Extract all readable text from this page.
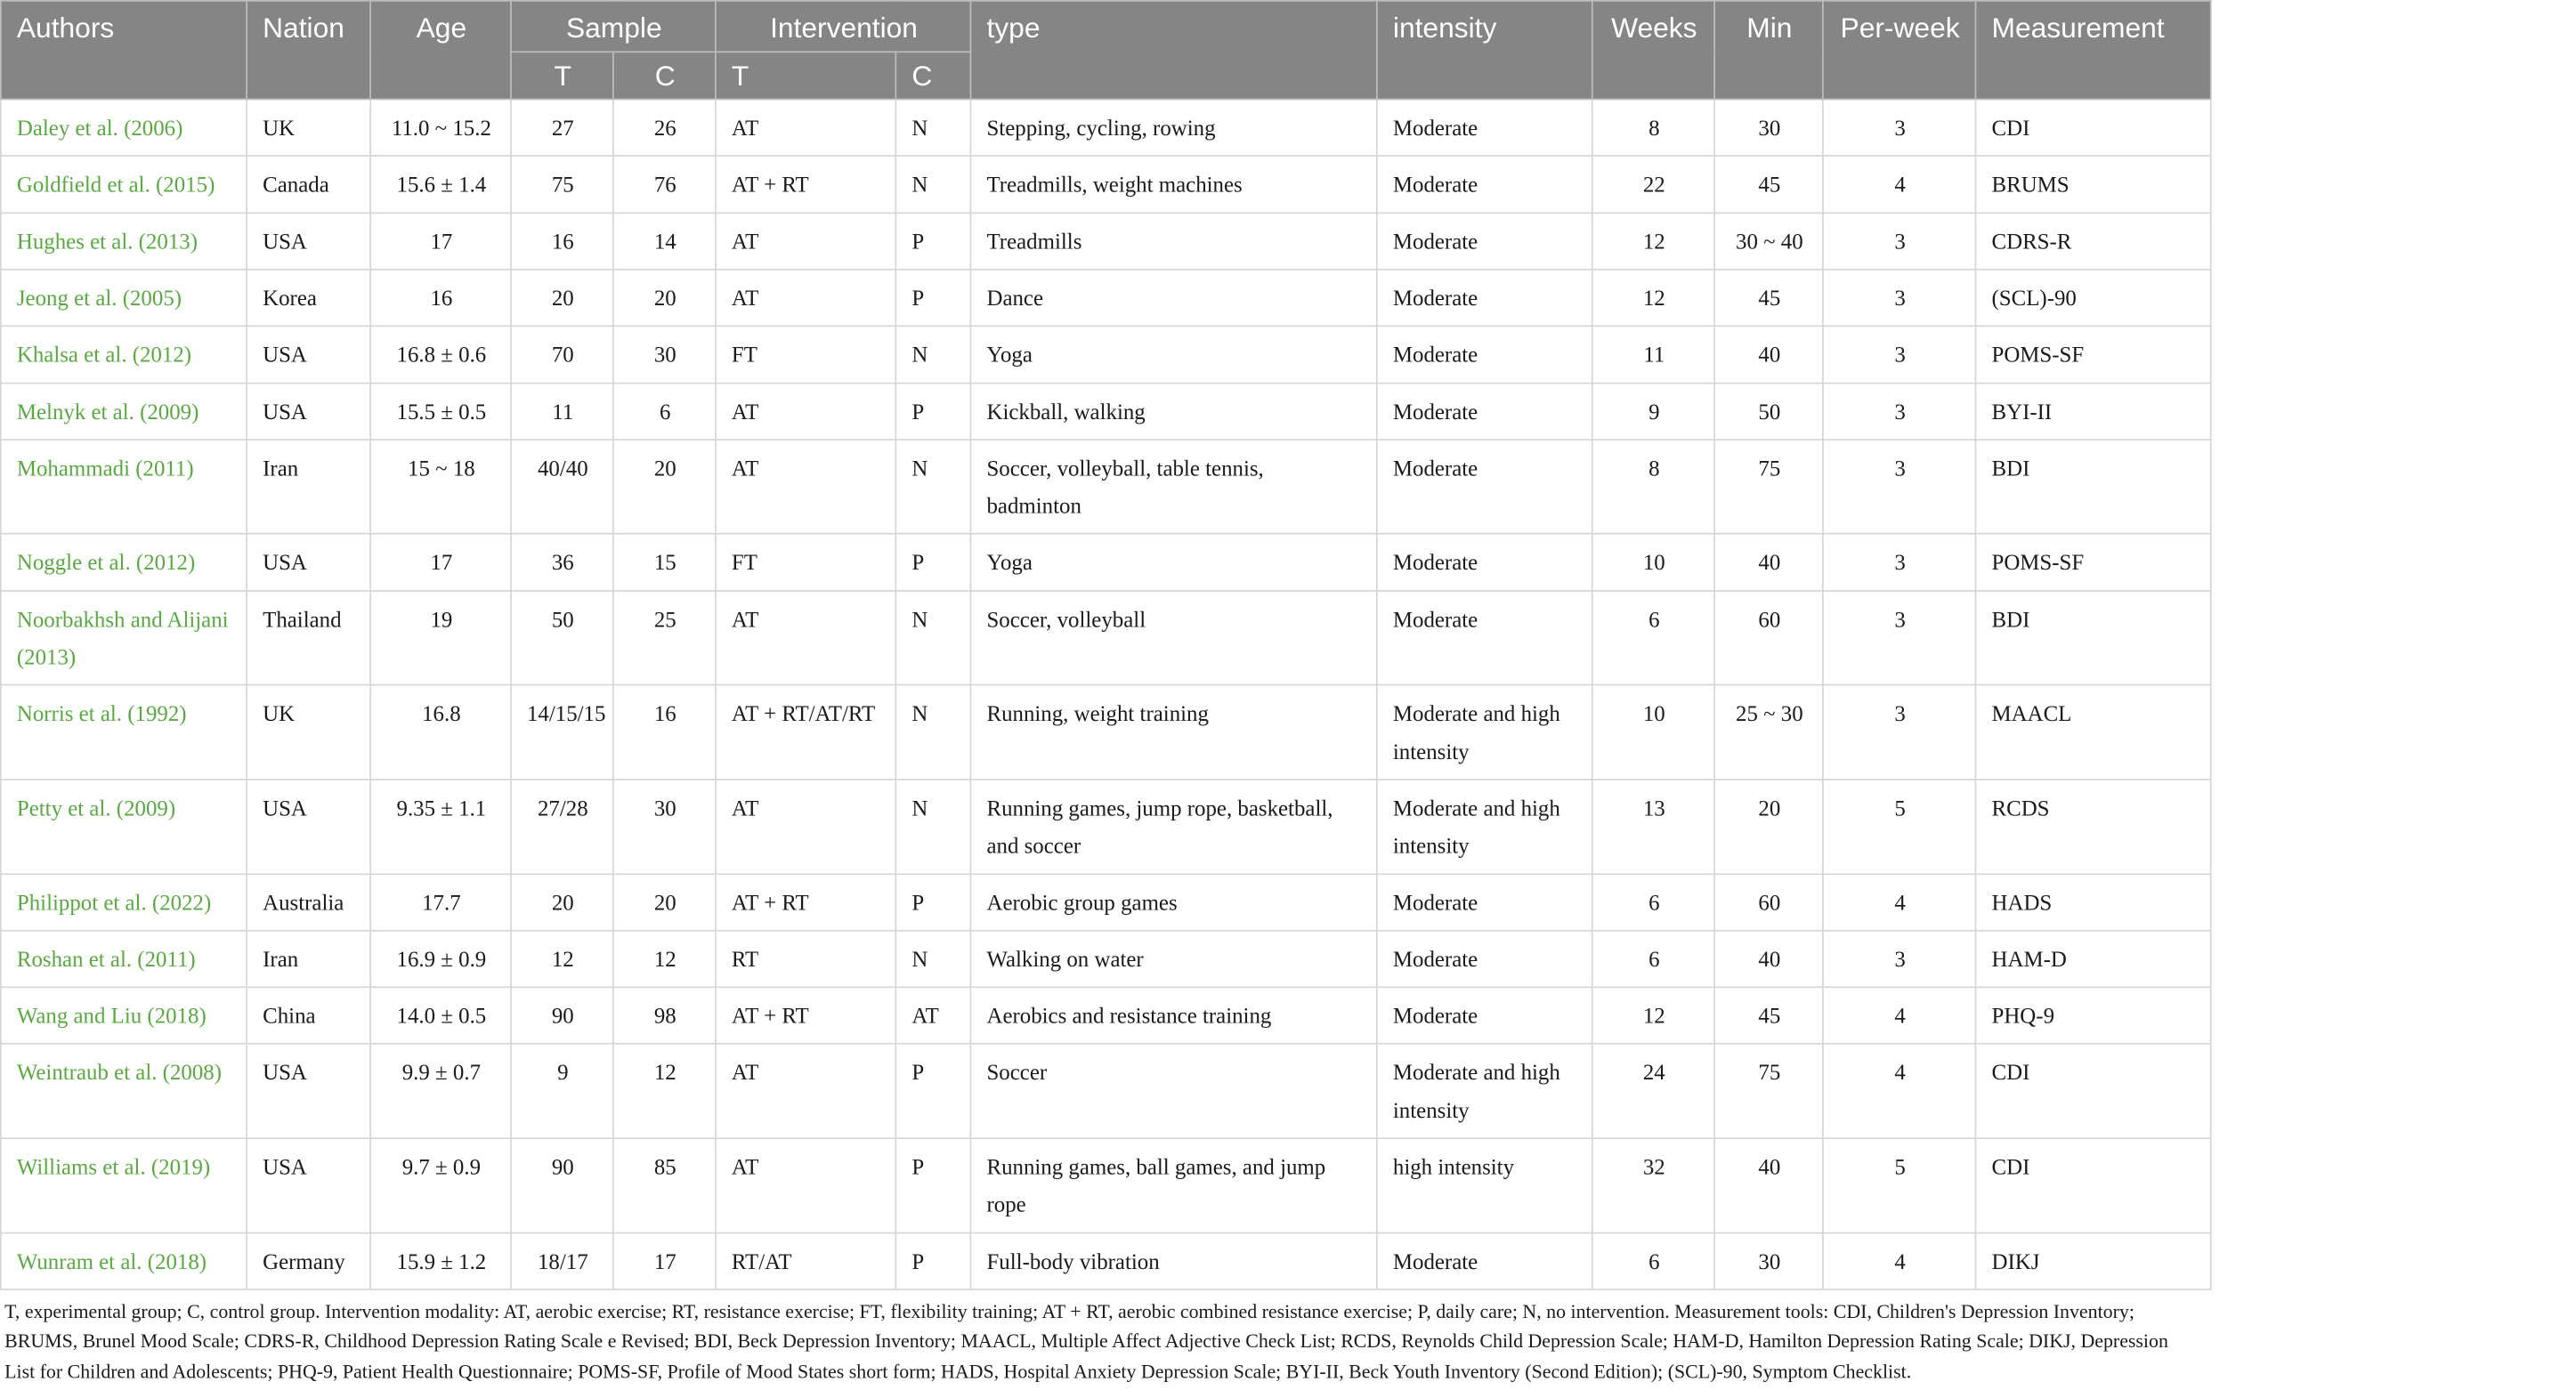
Authors	Nation	Age	Sample		Intervention		type	intensity	Weeks	Min	Per-week	Measurement
			T	C	T	C						
Daley et al. (2006)	UK	11.0 ~ 15.2	27	26	AT	N	Stepping, cycling, rowing	Moderate	8	30	3	CDI
Goldfield et al. (2015)	Canada	15.6 ± 1.4	75	76	AT + RT	N	Treadmills, weight machines	Moderate	22	45	4	BRUMS
Hughes et al. (2013)	USA	17	16	14	AT	P	Treadmills	Moderate	12	30 ~ 40	3	CDRS-R
Jeong et al. (2005)	Korea	16	20	20	AT	P	Dance	Moderate	12	45	3	(SCL)-90
Khalsa et al. (2012)	USA	16.8 ± 0.6	70	30	FT	N	Yoga	Moderate	11	40	3	POMS-SF
Melnyk et al. (2009)	USA	15.5 ± 0.5	11	6	AT	P	Kickball, walking	Moderate	9	50	3	BYI-II
Mohammadi (2011)	Iran	15 ~ 18	40/40	20	AT	N	Soccer, volleyball, table tennis, badminton	Moderate	8	75	3	BDI
Noggle et al. (2012)	USA	17	36	15	FT	P	Yoga	Moderate	10	40	3	POMS-SF
Noorbakhsh and Alijani (2013)	Thailand	19	50	25	AT	N	Soccer, volleyball	Moderate	6	60	3	BDI
Norris et al. (1992)	UK	16.8	14/15/15	16	AT + RT/AT/RT	N	Running, weight training	Moderate and high intensity	10	25 ~ 30	3	MAACL
Petty et al. (2009)	USA	9.35 ± 1.1	27/28	30	AT	N	Running games, jump rope, basketball, and soccer	Moderate and high intensity	13	20	5	RCDS
Philippot et al. (2022)	Australia	17.7	20	20	AT + RT	P	Aerobic group games	Moderate	6	60	4	HADS
Roshan et al. (2011)	Iran	16.9 ± 0.9	12	12	RT	N	Walking on water	Moderate	6	40	3	HAM-D
Wang and Liu (2018)	China	14.0 ± 0.5	90	98	AT + RT	AT	Aerobics and resistance training	Moderate	12	45	4	PHQ-9
Weintraub et al. (2008)	USA	9.9 ± 0.7	9	12	AT	P	Soccer	Moderate and high intensity	24	75	4	CDI
Williams et al. (2019)	USA	9.7 ± 0.9	90	85	AT	P	Running games, ball games, and jump rope	high intensity	32	40	5	CDI
Wunram et al. (2018)	Germany	15.9 ± 1.2	18/17	17	RT/AT	P	Full-body vibration	Moderate	6	30	4	DIKJ

T, experimental group; C, control group. Intervention modality: AT, aerobic exercise; RT, resistance exercise; FT, flexibility training; AT + RT, aerobic combined resistance exercise; P, daily care; N, no intervention. Measurement tools: CDI, Children's Depression Inventory; BRUMS, Brunel Mood Scale; CDRS-R, Childhood Depression Rating Scale e Revised; BDI, Beck Depression Inventory; MAACL, Multiple Affect Adjective Check List; RCDS, Reynolds Child Depression Scale; HAM-D, Hamilton Depression Rating Scale; DIKJ, Depression List for Children and Adolescents; PHQ-9, Patient Health Questionnaire; POMS-SF, Profile of Mood States short form; HADS, Hospital Anxiety Depression Scale; BYI-II, Beck Youth Inventory (Second Edition); (SCL)-90, Symptom Checklist.
